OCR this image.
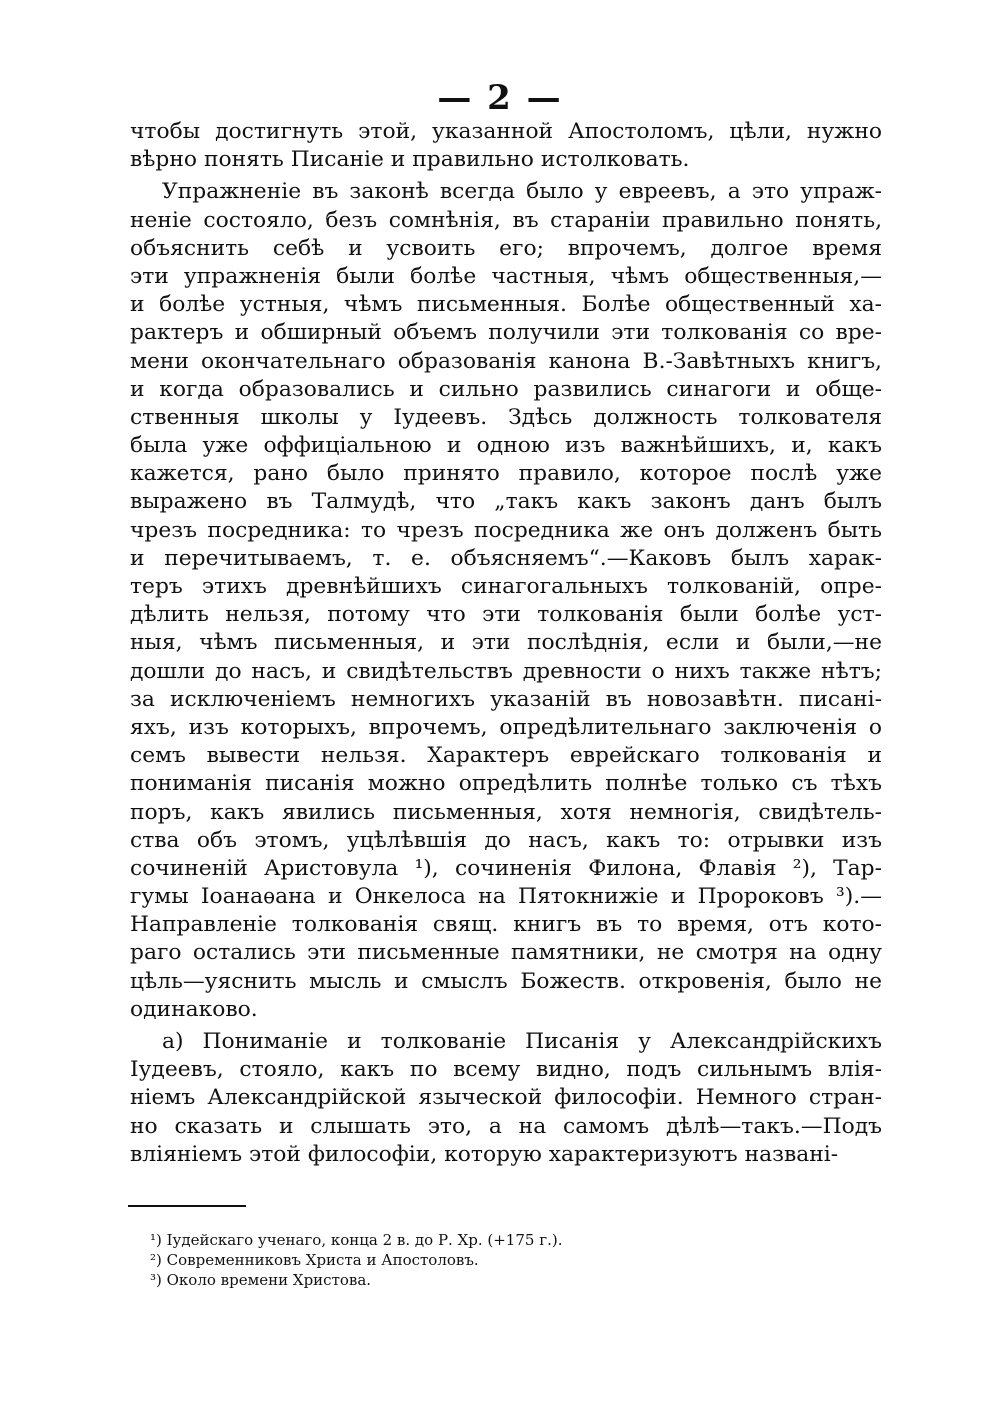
— 2 —
чтобы достигнуть этой, указанной Апостоломъ, цѣли, нужно
вѣрно понять Писаніе и правильно истолковать.
Упражненіе въ законѣ всегда было у евреевъ, а это упраж-
неніе состояло, безъ сомнѣнія, въ стараніи правильно понять,
объяснить себѣ и усвоить его; впрочемъ, долгое время
эти упражненія были болѣе частныя, чѣмъ общественныя,—
и болѣе устныя, чѣмъ письменныя. Болѣе общественный ха-
рактеръ и обширный объемъ получили эти толкованія со вре-
мени окончательнаго образованія канона В.-Завѣтныхъ книгъ,
и когда образовались и сильно развились синагоги и обще-
ственныя школы у Іудеевъ. Здѣсь должность толкователя
была уже оффиціальною и одною изъ важнѣйшихъ, и, какъ
кажется, рано было принято правило, которое послѣ уже
выражено въ Талмудѣ, что „такъ какъ законъ данъ былъ
чрезъ посредника: то чрезъ посредника же онъ долженъ быть
и перечитываемъ, т. е. объясняемъ“.—Каковъ былъ харак-
теръ этихъ древнѣйшихъ синагогальныхъ толкованій, опре-
дѣлить нельзя, потому что эти толкованія были болѣе уст-
ныя, чѣмъ письменныя, и эти послѣднія, если и были,—не
дошли до насъ, и свидѣтельствъ древности о нихъ также нѣтъ;
за исключеніемъ немногихъ указаній въ новозавѣтн. писані-
яхъ, изъ которыхъ, впрочемъ, опредѣлительнаго заключенія о
семъ вывести нельзя. Характеръ еврейскаго толкованія и
пониманія писанія можно опредѣлить полнѣе только съ тѣхъ
поръ, какъ явились письменныя, хотя немногія, свидѣтель-
ства объ этомъ, уцѣлѣвшія до насъ, какъ то: отрывки изъ
сочиненій Аристовула ¹), сочиненія Филона, Флавія ²), Тар-
гумы Іоанаѳана и Онкелоса на Пятокнижіе и Пророковъ ³).—
Направленіе толкованія свящ. книгъ въ то время, отъ кото-
раго остались эти письменные памятники, не смотря на одну
цѣль—уяснить мысль и смыслъ Божеств. откровенія, было не
одинаково.
а) Пониманіе и толкованіе Писанія у Александрійскихъ
Іудеевъ, стояло, какъ по всему видно, подъ сильнымъ влія-
ніемъ Александрійской языческой философіи. Немного стран-
но сказать и слышать это, а на самомъ дѣлѣ—такъ.—Подъ
вліяніемъ этой философіи, которую характеризуютъ названі-
¹) Іудейскаго ученаго, конца 2 в. до Р. Хр. (+175 г.).
²) Современниковъ Христа и Апостоловъ.
³) Около времени Христова.
